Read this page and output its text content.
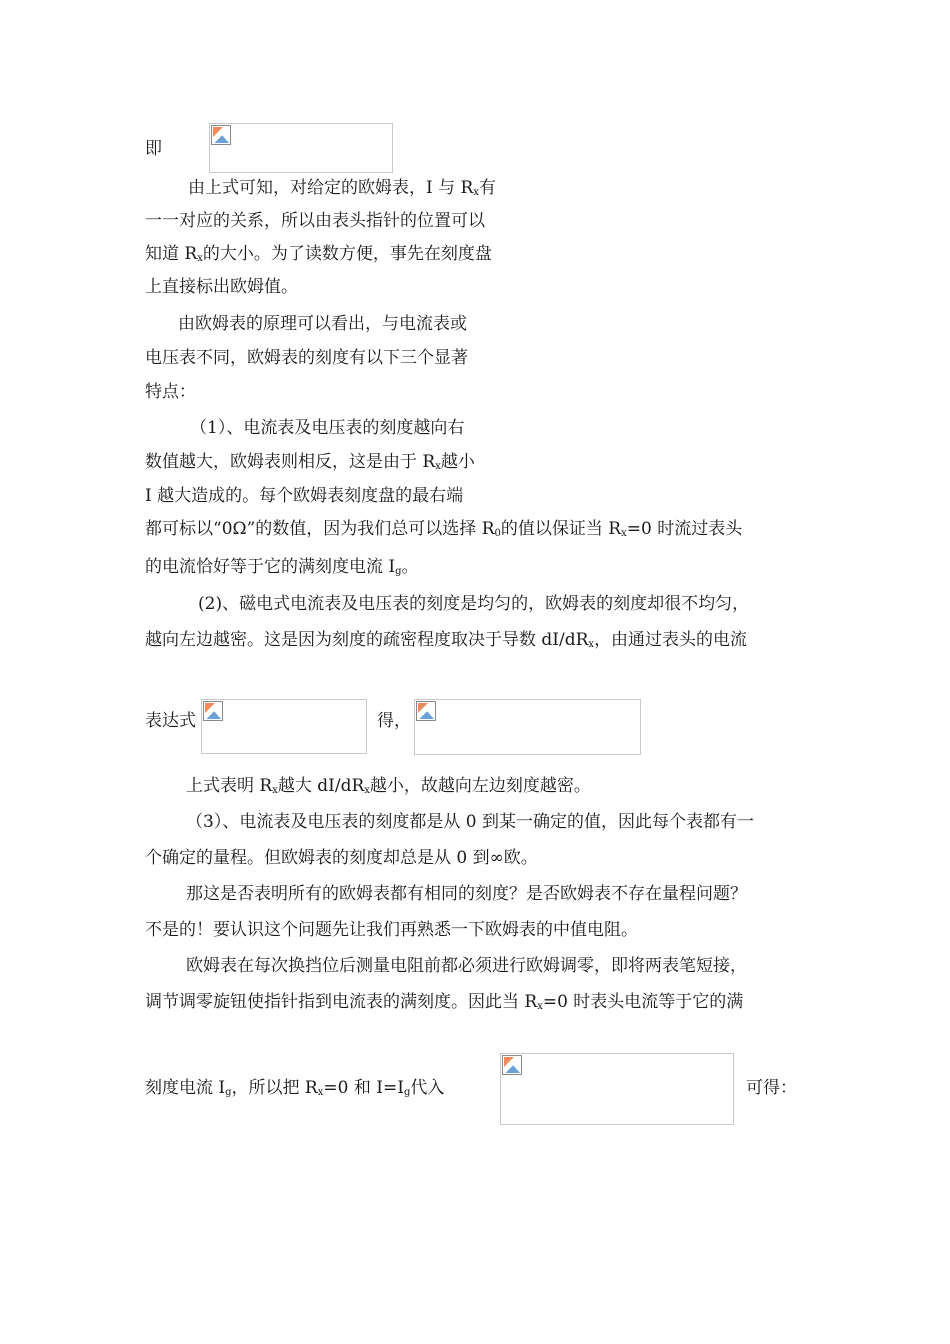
即
由上式可知，对给定的欧姆表，I 与 $R_x$有
一一对应的关系，所以由表头指针的位置可以
知道 $R_x$的大小。为了读数方便，事先在刻度盘
上直接标出欧姆值。
由欧姆表的原理可以看出，与电流表或
电压表不同，欧姆表的刻度有以下三个显著
特点：
（1）、电流表及电压表的刻度越向右
数值越大，欧姆表则相反，这是由于 $R_x$越小
I 越大造成的。每个欧姆表刻度盘的最右端
都可标以“0Ω”的数值，因为我们总可以选择 $R_0$的值以保证当 $R_x=0$ 时流过表头
的电流恰好等于它的满刻度电流 $I_g$。
(2)、磁电式电流表及电压表的刻度是均匀的，欧姆表的刻度却很不均匀，
越向左边越密。这是因为刻度的疏密程度取决于导数 $dI/dR_x$，由通过表头的电流
表达式	得，
上式表明 $R_x$越大 $dI/dR_x$越小，故越向左边刻度越密。
（3）、电流表及电压表的刻度都是从 0 到某一确定的值，因此每个表都有一
个确定的量程。但欧姆表的刻度却总是从 0 到∞欧。
那这是否表明所有的欧姆表都有相同的刻度？是否欧姆表不存在量程问题？
不是的！要认识这个问题先让我们再熟悉一下欧姆表的中值电阻。
欧姆表在每次换挡位后测量电阻前都必须进行欧姆调零，即将两表笔短接，
调节调零旋钮使指针指到电流表的满刻度。因此当 $R_x=0$ 时表头电流等于它的满
刻度电流 $I_g$，所以把 $R_x=0$ 和 $I=I_g$代入	可得：
